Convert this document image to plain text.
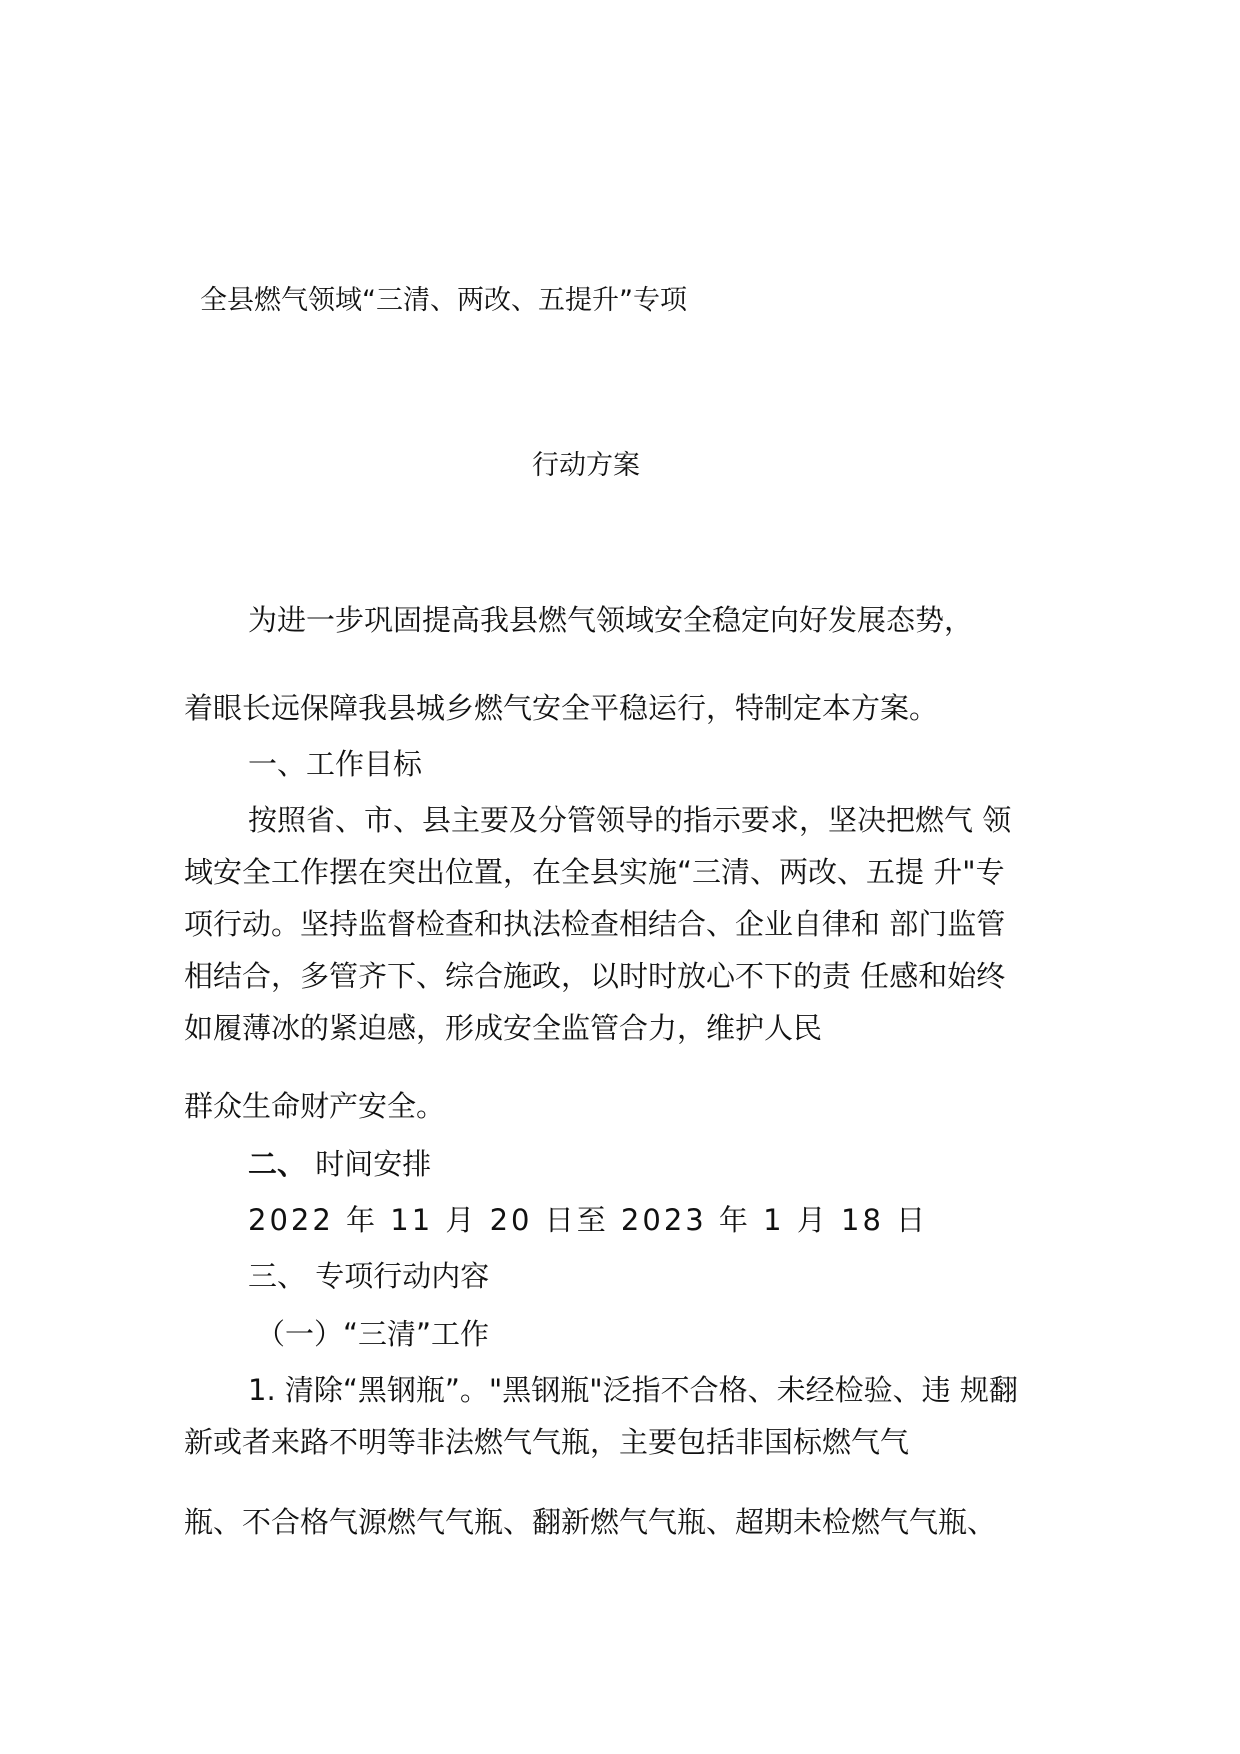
全县燃气领域“三清、两改、五提升”专项

行动方案

为进一步巩固提高我县燃气领域安全稳定向好发展态势，

着眼长远保障我县城乡燃气安全平稳运行，特制定本方案。

一、工作目标

按照省、市、县主要及分管领导的指示要求，坚决把燃气 领

域安全工作摆在突出位置，在全县实施“三清、两改、五提 升"专

项行动。坚持监督检查和执法检查相结合、企业自律和 部门监管

相结合，多管齐下、综合施政，以时时放心不下的责 任感和始终

如履薄冰的紧迫感，形成安全监管合力，维护人民

群众生命财产安全。

二、 时间安排

2022 年 11 月 20 日至 2023 年 1 月 18 日

三、 专项行动内容

（一）“三清”工作

1. 清除“黑钢瓶”。"黑钢瓶"泛指不合格、未经检验、违 规翻

新或者来路不明等非法燃气气瓶，主要包括非国标燃气气

瓶、不合格气源燃气气瓶、翻新燃气气瓶、超期未检燃气气瓶、
